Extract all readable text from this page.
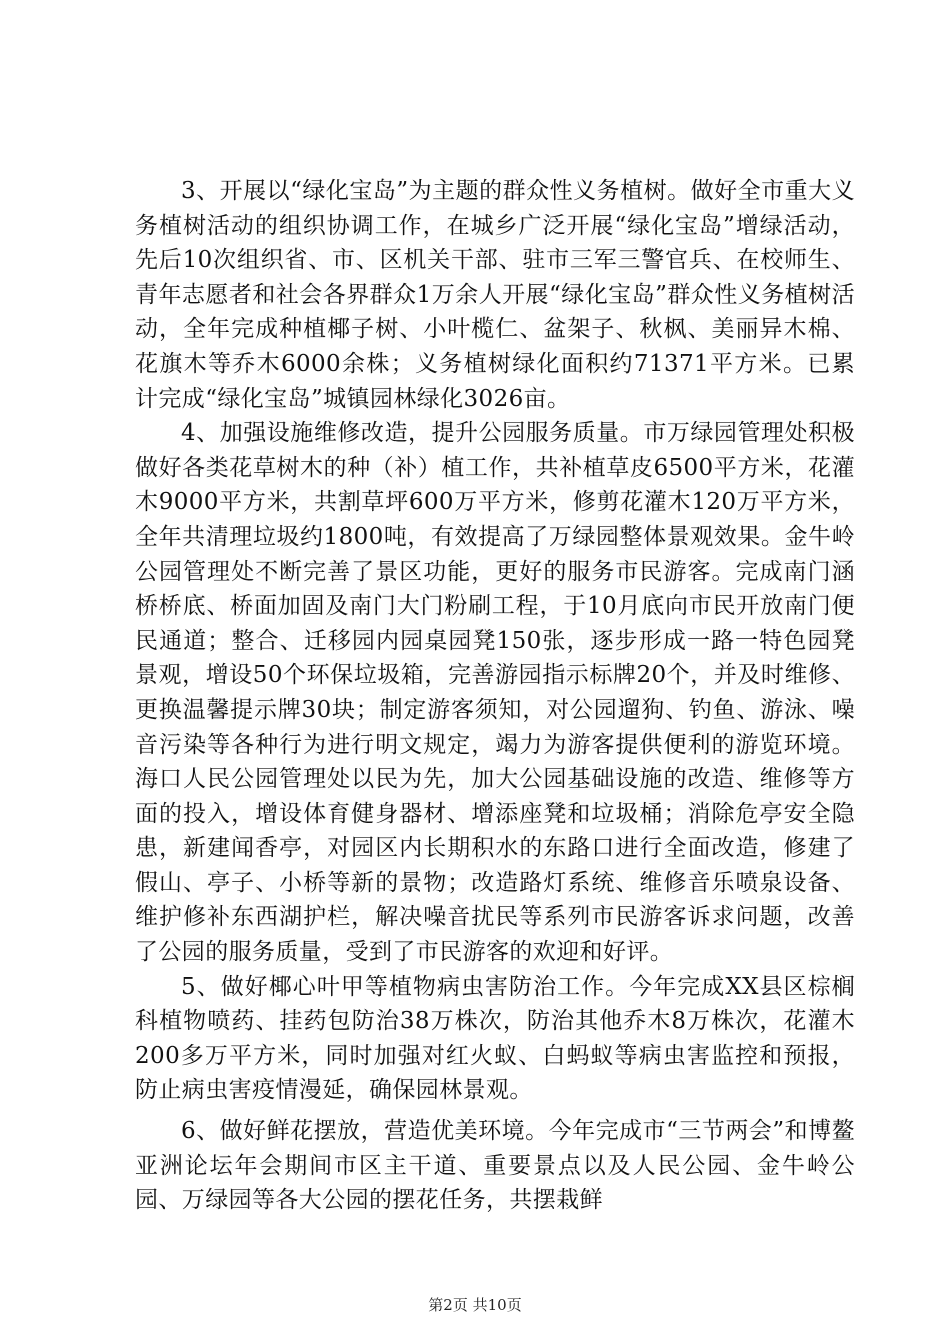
3、开展以“绿化宝岛”为主题的群众性义务植树。做好全市重大义务植树活动的组织协调工作，在城乡广泛开展“绿化宝岛”增绿活动，先后10次组织省、市、区机关干部、驻市三军三警官兵、在校师生、青年志愿者和社会各界群众1万余人开展“绿化宝岛”群众性义务植树活动，全年完成种植椰子树、小叶榄仁、盆架子、秋枫、美丽异木棉、花旗木等乔木6000余株；义务植树绿化面积约71371平方米。已累计完成“绿化宝岛”城镇园林绿化3026亩。

4、加强设施维修改造，提升公园服务质量。市万绿园管理处积极做好各类花草树木的种（补）植工作，共补植草皮6500平方米，花灌木9000平方米，共割草坪600万平方米，修剪花灌木120万平方米，全年共清理垃圾约1800吨，有效提高了万绿园整体景观效果。金牛岭公园管理处不断完善了景区功能，更好的服务市民游客。完成南门涵桥桥底、桥面加固及南门大门粉刷工程，于10月底向市民开放南门便民通道；整合、迁移园内园桌园凳150张，逐步形成一路一特色园凳景观，增设50个环保垃圾箱，完善游园指示标牌20个，并及时维修、更换温馨提示牌30块；制定游客须知，对公园遛狗、钓鱼、游泳、噪音污染等各种行为进行明文规定，竭力为游客提供便利的游览环境。海口人民公园管理处以民为先，加大公园基础设施的改造、维修等方面的投入，增设体育健身器材、增添座凳和垃圾桶；消除危亭安全隐患，新建闻香亭，对园区内长期积水的东路口进行全面改造，修建了假山、亭子、小桥等新的景物；改造路灯系统、维修音乐喷泉设备、维护修补东西湖护栏，解决噪音扰民等系列市民游客诉求问题，改善了公园的服务质量，受到了市民游客的欢迎和好评。

5、做好椰心叶甲等植物病虫害防治工作。今年完成XX县区棕榈科植物喷药、挂药包防治38万株次，防治其他乔木8万株次，花灌木200多万平方米，同时加强对红火蚁、白蚂蚁等病虫害监控和预报，防止病虫害疫情漫延，确保园林景观。

6、做好鲜花摆放，营造优美环境。今年完成市“三节两会”和博鳌亚洲论坛年会期间市区主干道、重要景点以及人民公园、金牛岭公园、万绿园等各大公园的摆花任务，共摆栽鲜

第2页 共10页
